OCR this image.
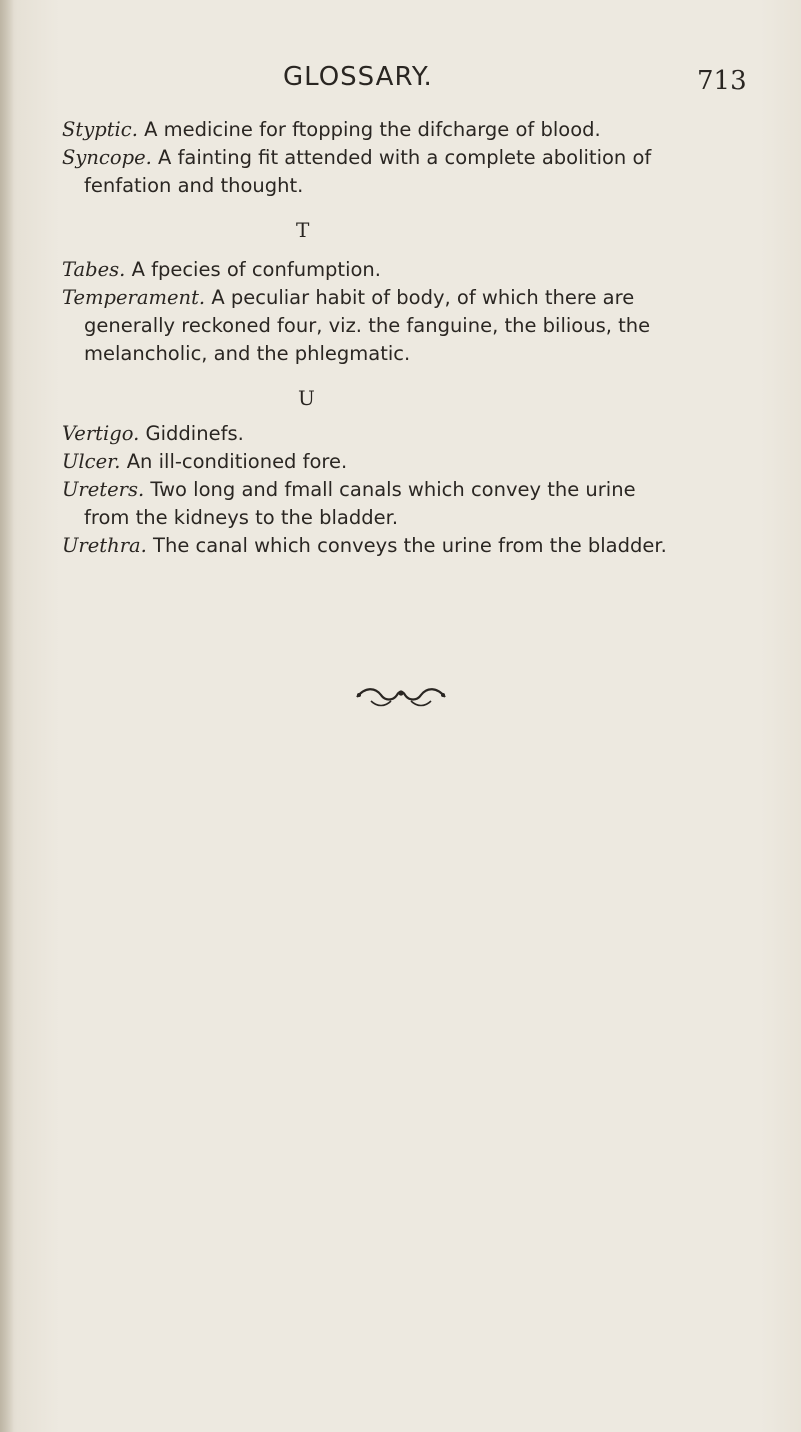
GLOSSARY.	713
Styptic. A medicine for ftopping the difcharge of blood.
Syncope. A fainting fit attended with a complete abolition of
fenfation and thought.
T
Tabes. A fpecies of confumption.
Temperament. A peculiar habit of body, of which there are
generally reckoned four, viz. the fanguine, the bilious, the
melancholic, and the phlegmatic.
U
Vertigo. Giddinefs.
Ulcer. An ill-conditioned fore.
Ureters. Two long and fmall canals which convey the urine
from the kidneys to the bladder.
Urethra. The canal which conveys the urine from the bladder.
